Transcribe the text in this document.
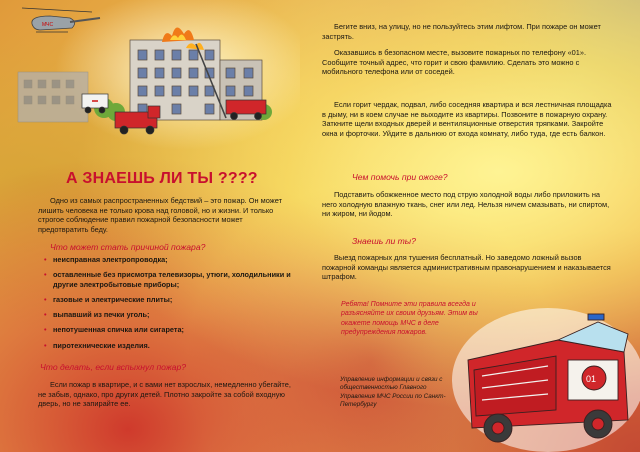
МЧС
01
А ЗНАЕШЬ ЛИ ТЫ ????

Одно из самых распространенных бедствий – это пожар. Он может лишить человека не только крова над головой, но и жизни. И только строгое соблюдение правил пожарной безопасности может предотвратить беду.

Что может стать причиной пожара?
• неисправная электропроводка;
• оставленные без присмотра телевизоры, утюги, холодильники и другие электробытовые приборы;
• газовые и электрические плиты;
• выпавший из печки уголь;
• непотушенная спичка или сигарета;
• пиротехнические изделия.
Что делать, если вспыхнул пожар?

Если пожар в квартире, и с вами нет взрослых, немедленно убегайте, не забыв, однако, про других детей. Плотно закройте за собой входную дверь, но не запирайте ее.

Бегите вниз, на улицу, но не пользуйтесь этим лифтом. При пожаре он может застрять.

Оказавшись в безопасном месте, вызовите пожарных по телефону «01». Сообщите точный адрес, что горит и свою фамилию. Сделать это можно с мобильного телефона или от соседей.

Если горит чердак, подвал, либо соседняя квартира и вся лестничная площадка в дыму, ни в коем случае не выходите из квартиры. Позвоните в пожарную охрану. Заткните щели входных дверей и вентиляционные отверстия тряпками. Закройте окна и форточки. Уйдите в дальнюю от входа комнату, либо туда, где есть балкон.

Чем помочь при ожоге?

Подставить обожженное место под струю холодной воды либо приложить на него холодную влажную ткань, снег или лед. Нельзя ничем смазывать, ни спиртом, ни жиром, ни йодом.

Знаешь ли ты?

Выезд пожарных для тушения бесплатный. Но заведомо ложный вызов пожарной команды является административным правонарушением и наказывается штрафом.

Ребята! Помните эти правила всегда и разъясняйте их своим друзьям. Этим вы окажете помощь МЧС в деле предупреждения пожаров.
Управление информации и связи с общественностью Главного Управления МЧС России по Санкт-Петербургу
